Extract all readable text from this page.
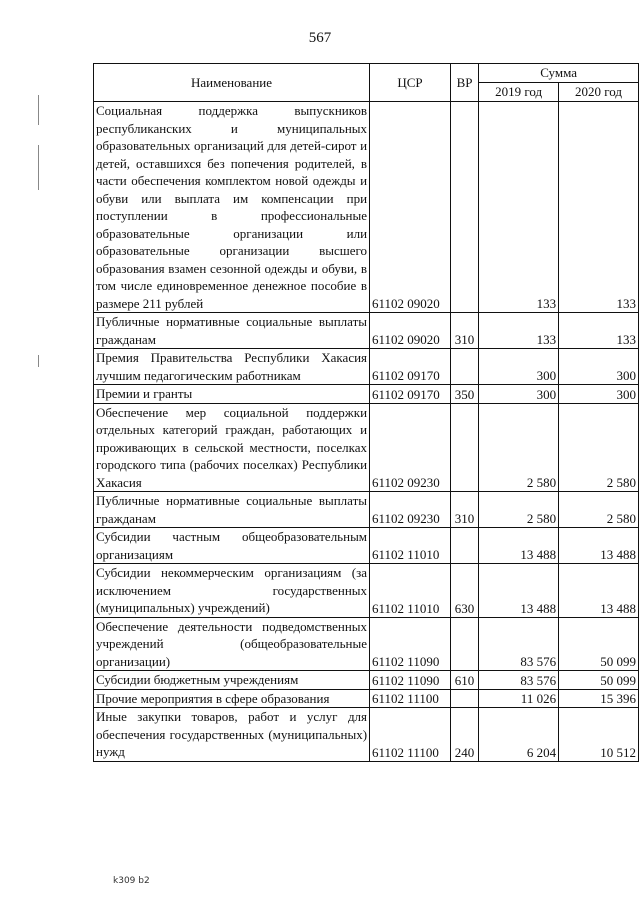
567
Наименование	ЦСР	ВР	Сумма	
			2019 год	2020 год
Социальная поддержка выпускников республиканских и муниципальных образовательных организаций для детей-сирот и детей, оставшихся без попечения родителей, в части обеспечения комплектом новой одежды и обуви или выплата им компенсации при поступлении в профессиональные образовательные организации или образовательные организации высшего образования взамен сезонной одежды и обуви, в том числе единовременное денежное пособие в размере 211 рублей	61102 09020		133	133
Публичные нормативные социальные выплаты гражданам	61102 09020	310	133	133
Премия Правительства Республики Хакасия лучшим педагогическим работникам	61102 09170		300	300
Премии и гранты	61102 09170	350	300	300
Обеспечение мер социальной поддержки отдельных категорий граждан, работающих и проживающих в сельской местности, поселках городского типа (рабочих поселках) Республики Хакасия	61102 09230		2 580	2 580
Публичные нормативные социальные выплаты гражданам	61102 09230	310	2 580	2 580
Субсидии частным общеобразовательным организациям	61102 11010		13 488	13 488
Субсидии некоммерческим организациям (за исключением государственных (муниципальных) учреждений)	61102 11010	630	13 488	13 488
Обеспечение деятельности подведомственных учреждений (общеобразовательные организации)	61102 11090		83 576	50 099
Субсидии бюджетным учреждениям	61102 11090	610	83 576	50 099
Прочие мероприятия в сфере образования	61102 11100		11 026	15 396
Иные закупки товаров, работ и услуг для обеспечения государственных (муниципальных) нужд	61102 11100	240	6 204	10 512
k309 b2
